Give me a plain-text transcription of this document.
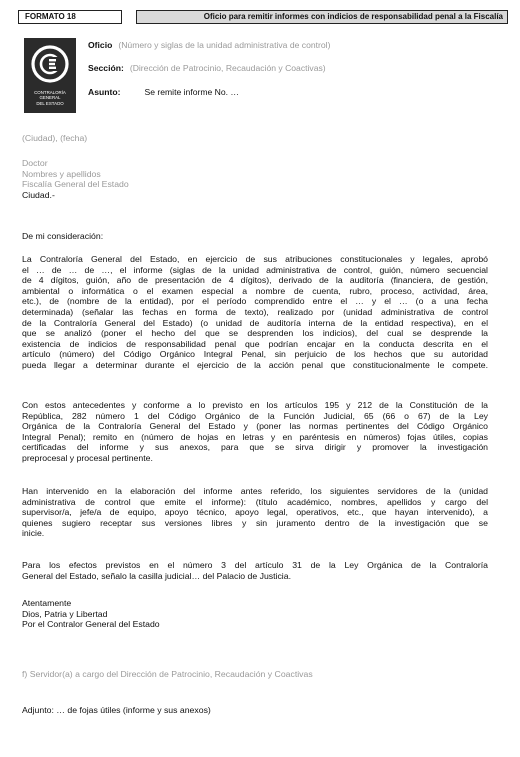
FORMATO 18	Oficio para remitir informes con indicios de responsabilidad penal a la Fiscalía
CONTRALORÍA
GENERAL
DEL ESTADO
Oficio (Número y siglas de la unidad administrativa de control)
Sección: (Dirección de Patrocinio, Recaudación y Coactivas)
Asunto:	Se remite informe No. …
(Ciudad), (fecha)
Doctor
Nombres y apellidos
Fiscalía General del Estado
Ciudad.-
De mi consideración:
La Contraloría General del Estado, en ejercicio de sus atribuciones constitucionales y legales, aprobó
el … de … de …, el informe (siglas de la unidad administrativa de control, guión, número secuencial
de 4 dígitos, guión, año de presentación de 4 dígitos), derivado de la auditoría (financiera, de gestión,
ambiental o informática o el examen especial a nombre de cuenta, rubro, proceso, actividad, área,
etc.), de (nombre de la entidad), por el período comprendido entre el … y el … (o a una fecha
determinada) (señalar las fechas en forma de texto), realizado por (unidad administrativa de control
de la Contraloría General del Estado) (o unidad de auditoría interna de la entidad respectiva), en el
que se analizó (poner el hecho del que se desprenden los indicios), del cual se desprende la
existencia de indicios de responsabilidad penal que podrían encajar en la conducta descrita en el
artículo (número) del Código Orgánico Integral Penal, sin perjuicio de los hechos que su autoridad
pueda llegar a determinar durante el ejercicio de la acción penal que constitucionalmente le compete.
Con estos antecedentes y conforme a lo previsto en los artículos 195 y 212 de la Constitución de la
República, 282 número 1 del Código Orgánico de la Función Judicial, 65 (66 o 67) de la Ley
Orgánica de la Contraloría General del Estado y (poner las normas pertinentes del Código Orgánico
Integral Penal); remito en (número de hojas en letras y en paréntesis en números) fojas útiles, copias
certificadas del informe y sus anexos, para que se sirva dirigir y promover la investigación
preprocesal y procesal pertinente.
Han intervenido en la elaboración del informe antes referido, los siguientes servidores de la (unidad
administrativa de control que emite el informe): (título académico, nombres, apellidos y cargo del
supervisor/a, jefe/a de equipo, apoyo técnico, apoyo legal, operativos, etc., que hayan intervenido), a
quienes sugiero receptar sus versiones libres y sin juramento dentro de la investigación que se
inicie.
Para los efectos previstos en el número 3 del artículo 31 de la Ley Orgánica de la Contraloría
General del Estado, señalo la casilla judicial… del Palacio de Justicia.
Atentamente
Dios, Patria y Libertad
Por el Contralor General del Estado
f) Servidor(a) a cargo del Dirección de Patrocinio, Recaudación y Coactivas
Adjunto: … de fojas útiles (informe y sus anexos)
